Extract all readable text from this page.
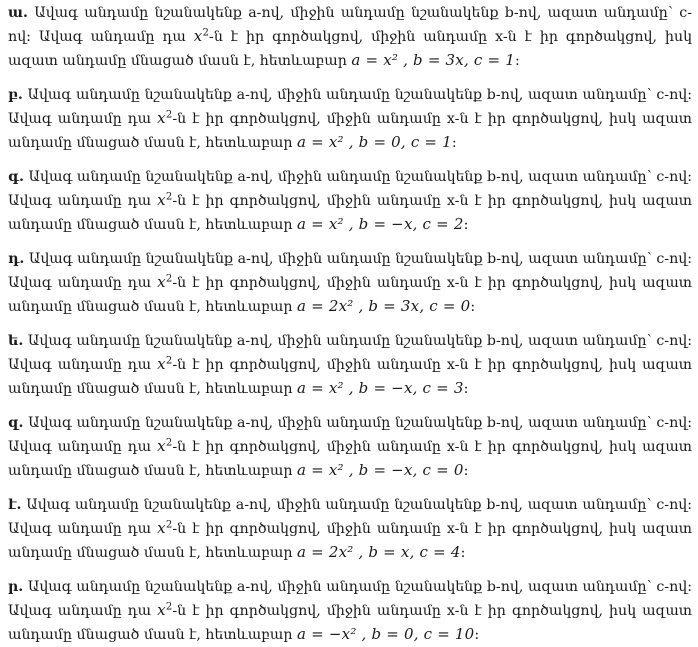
ա. Ավագ անդամը նշանակենք a-ով, միջին անդամը նշանակենք b-ով, ազատ անդամը՝ c-ով: Ավագ անդամը դա $x^2-ն$ է իր գործակցով, միջին անդամը x-ն է իր գործակցով, իսկ ազատ անդամը մնացած մասն է, հետևաբար a = x² , b = 3x, c = 1:

բ. Ավագ անդամը նշանակենք a-ով, միջին անդամը նշանակենք b-ով, ազատ անդամը՝ c-ով: Ավագ անդամը դա $x^2-ն$ է իր գործակցով, միջին անդամը x-ն է իր գործակցով, իսկ ազատ անդամը մնացած մասն է, հետևաբար a = x² , b = 0, c = 1:

գ. Ավագ անդամը նշանակենք a-ով, միջին անդամը նշանակենք b-ով, ազատ անդամը՝ c-ով: Ավագ անդամը դա $x^2-ն$ է իր գործակցով, միջին անդամը x-ն է իր գործակցով, իսկ ազատ անդամը մնացած մասն է, հետևաբար a = x² , b = −x, c = 2:

դ. Ավագ անդամը նշանակենք a-ով, միջին անդամը նշանակենք b-ով, ազատ անդամը՝ c-ով: Ավագ անդամը դա $x^2-ն$ է իր գործակցով, միջին անդամը x-ն է իր գործակցով, իսկ ազատ անդամը մնացած մասն է, հետևաբար a = 2x² , b = 3x, c = 0:

ե. Ավագ անդամը նշանակենք a-ով, միջին անդամը նշանակենք b-ով, ազատ անդամը՝ c-ով: Ավագ անդամը դա $x^2-ն$ է իր գործակցով, միջին անդամը x-ն է իր գործակցով, իսկ ազատ անդամը մնացած մասն է, հետևաբար a = x² , b = −x, c = 3:

զ. Ավագ անդամը նշանակենք a-ով, միջին անդամը նշանակենք b-ով, ազատ անդամը՝ c-ով: Ավագ անդամը դա $x^2-ն$ է իր գործակցով, միջին անդամը x-ն է իր գործակցով, իսկ ազատ անդամը մնացած մասն է, հետևաբար a = x² , b = −x, c = 0:

է. Ավագ անդամը նշանակենք a-ով, միջին անդամը նշանակենք b-ով, ազատ անդամը՝ c-ով: Ավագ անդամը դա $x^2-ն$ է իր գործակցով, միջին անդամը x-ն է իր գործակցով, իսկ ազատ անդամը մնացած մասն է, հետևաբար a = 2x² , b = x, c = 4:

ր. Ավագ անդամը նշանակենք a-ով, միջին անդամը նշանակենք b-ով, ազատ անդամը՝ c-ով: Ավագ անդամը դա $x^2-ն$ է իր գործակցով, միջին անդամը x-ն է իր գործակցով, իսկ ազատ անդամը մնացած մասն է, հետևաբար a = −x² , b = 0, c = 10:
